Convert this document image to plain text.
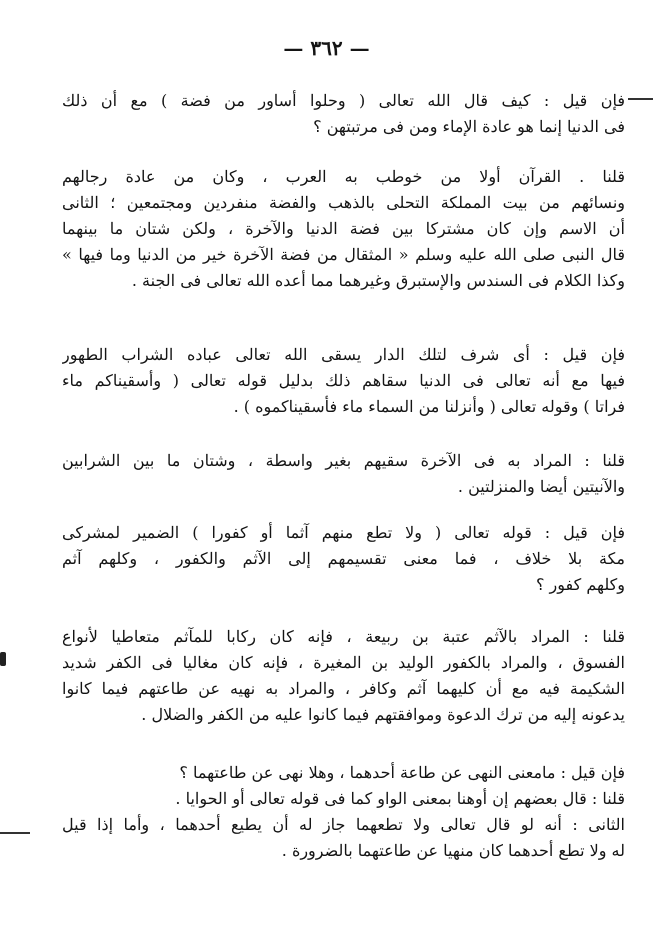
— ٣٦٢ —
فإن قيل : كيف قال الله تعالى ( وحلوا أساور من فضة ) مع أن ذلك
فى الدنيا إنما هو عادة الإماء ومن فى مرتبتهن ؟
قلنا . القرآن أولا من خوطب به العرب ، وكان من عادة رجالهم
ونسائهم من بيت المملكة التحلى بالذهب والفضة منفردين ومجتمعين ؛ الثانى
أن الاسم وإن كان مشتركا بين فضة الدنيا والآخرة ، ولكن شتان ما بينهما
قال النبى صلى الله عليه وسلم « المثقال من فضة الآخرة خير من الدنيا وما فيها »
وكذا الكلام فى السندس والإستبرق وغيرهما مما أعده الله تعالى فى الجنة .
فإن قيل : أى شرف لتلك الدار يسقى الله تعالى عباده الشراب الطهور
فيها مع أنه تعالى فى الدنيا سقاهم ذلك بدليل قوله تعالى ( وأسقيناكم ماء
فراتا ) وقوله تعالى ( وأنزلنا من السماء ماء فأسقيناكموه ) .
قلنا : المراد به فى الآخرة سقيهم بغير واسطة ، وشتان ما بين الشرابين
والآنيتين أيضا والمنزلتين .
فإن قيل : قوله تعالى ( ولا تطع منهم آثما أو كفورا ) الضمير لمشركى
مكة بلا خلاف ، فما معنى تقسيمهم إلى الآثم والكفور ، وكلهم آثم
وكلهم كفور ؟
قلنا : المراد بالآثم عتبة بن ربيعة ، فإنه كان ركابا للمآثم متعاطيا لأنواع
الفسوق ، والمراد بالكفور الوليد بن المغيرة ، فإنه كان مغاليا فى الكفر شديد
الشكيمة فيه مع أن كليهما آثم وكافر ، والمراد به نهيه عن طاعتهم فيما كانوا
يدعونه إليه من ترك الدعوة وموافقتهم فيما كانوا عليه من الكفر والضلال .
فإن قيل : مامعنى النهى عن طاعة أحدهما ، وهلا نهى عن طاعتهما ؟
قلنا : قال بعضهم إن أوهنا بمعنى الواو كما فى قوله تعالى أو الحوايا .
الثانى : أنه لو قال تعالى ولا تطعهما جاز له أن يطيع أحدهما ، وأما إذا قيل
له ولا تطع أحدهما كان منهيا عن طاعتهما بالضرورة .
